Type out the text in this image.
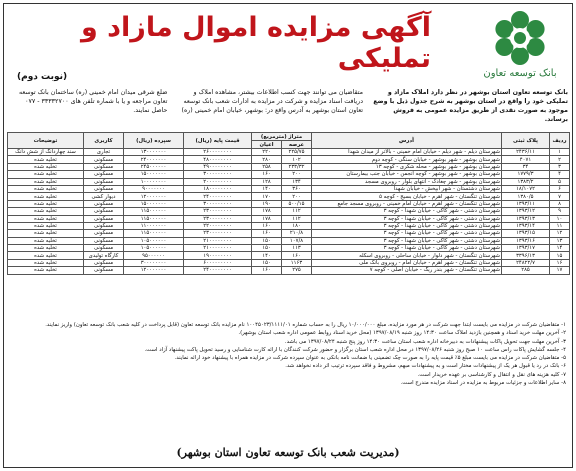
بانک توسعه تعاون
آگهی مزایده اموال مازاد و تملیکی
(نوبت دوم)
بانک توسعه تعاون استان بوشهر در نظر دارد املاک مازاد و تملیکی خود را واقع در استان بوشهر به شرح جدول ذیل با وضع موجود به صورت نقدی از طریق مزایده عمومی به فروش برساند.
متقاضیان می توانند جهت کسب اطلاعات بیشتر، مشاهده املاک و دریافت اسناد مزایده و شرکت در مزایده به ادارات شعب بانک توسعه تعاون استان بوشهر به آدرس واقع در: بوشهر، خیابان امام خمینی (ره)
ضلع شرقی میدان امام خمینی (ره) ساختمان بانک توسعه تعاون مراجعه و یا با شماره تلفن های ۳۳۳۳۲۷۰۰ - ۰۷۷ حاصل نمایند.
ردیف	پلاک ثبتی	آدرس	متراژ (مترمربع)		قیمت پایه (ریال)	سپرده (ریال)	کاربری	توضیحات
			عرصه	اعیان				
۱	۲۴۳۶/۱۱	شهرستان دیلم - شهر دیلم - خیابان امام خمینی - بالاتر از میدان شهدا	۲۲۵/۷۵	۲۲۰	۲۶۰۰۰۰۰۰۰۰	۱۳۰۰۰۰۰۰۰	تجاری	سند چهاردانگ از شش دانگ
۲	۴۰۷۱	شهرستان بوشهر - شهر بوشهر - خیابان سنگی - کوچه دوم	۱۰۲	۲۸۰	۴۸۰۰۰۰۰۰۰۰	۲۴۰۰۰۰۰۰۰	مسکونی	تخلیه شده
۳	۳۴	شهرستان بوشهر - شهر بوشهر - محله شکری - کوچه ۱۳	۲۳۳/۳۲	۲۵۸	۴۹۰۰۰۰۰۰۰۰	۲۴۵۰۰۰۰۰۰	مسکونی	تخلیه شده
۴	۱۷۷۹/۳	شهرستان بوشهر - شهر بوشهر - کوچه انجمن - خیابان جنب بیمارستان	۲۰۰	۱۶۰	۳۰۰۰۰۰۰۰۰۰	۱۵۰۰۰۰۰۰۰	مسکونی	تخلیه شده
۵	۱۳۸۳/۲	شهرستان بوشهر - شهر چغادک - انتهای بلوار - روبروی مسجد	۱۳۴	۱۲۸	۲۰۰۰۰۰۰۰۰۰	۱۰۰۰۰۰۰۰۰	مسکونی	تخلیه شده
۶	۱۸/۱۰۷۲	شهرستان دشتستان - شهر آبپخش - خیابان شهدا	۳۶۰	۱۴۰	۱۸۰۰۰۰۰۰۰۰	۹۰۰۰۰۰۰۰	مسکونی	تخلیه شده
۷	۱۳۸۰/۵	شهرستان تنگستان - شهر اهرم - خیابان بسیج - کوچه ۵	۲۰۰	۱۷۰	۲۴۰۰۰۰۰۰۰۰	۱۲۰۰۰۰۰۰۰	دیوار کشی	تخلیه شده
۸	۱۳۹۳/۱۱	شهرستان تنگستان - شهر اهرم - خیابان امام خمینی - روبروی مسجد جامع	۵۰۰/۱۵	۱۹۰	۳۰۰۰۰۰۰۰۰۰	۱۵۰۰۰۰۰۰۰	مسکونی	تخلیه شده
۹	۱۳۹۳/۱۲	شهرستان دشتی - شهر کاکی - خیابان شهدا - کوچه ۳	۱۱۲	۱۷۸	۲۳۰۰۰۰۰۰۰۰	۱۱۵۰۰۰۰۰۰	مسکونی	تخلیه شده
۱۰	۱۳۹۳/۱۳	شهرستان دشتی - شهر کاکی - خیابان شهدا - کوچه ۳	۱۱۲	۱۷۸	۲۳۰۰۰۰۰۰۰۰	۱۱۵۰۰۰۰۰۰	مسکونی	تخلیه شده
۱۱	۱۳۹۳/۱۴	شهرستان دشتی - شهر کاکی - خیابان شهدا - کوچه ۳	۱۸۰	۱۶۰	۲۲۰۰۰۰۰۰۰۰	۱۱۰۰۰۰۰۰۰	مسکونی	تخلیه شده
۱۲	۱۳۹۳/۱۵	شهرستان دشتی - شهر کاکی - خیابان شهدا - کوچه ۳	۲۱۰/۸	۱۶۰	۲۳۰۰۰۰۰۰۰۰	۱۱۵۰۰۰۰۰۰	مسکونی	تخلیه شده
۱۳	۱۳۹۳/۱۶	شهرستان دشتی - شهر کاکی - خیابان شهدا - کوچه ۳	۱۰۷/۸	۱۵۰	۲۱۰۰۰۰۰۰۰۰	۱۰۵۰۰۰۰۰۰	مسکونی	تخلیه شده
۱۴	۱۳۹۳/۱۷	شهرستان دشتی - شهر کاکی - خیابان شهدا - کوچه ۳	۱۱۳	۱۵۰	۲۱۰۰۰۰۰۰۰۰	۱۰۵۰۰۰۰۰۰	مسکونی	تخلیه شده
۱۵	۳۳۹۶/۱۳	شهرستان تنگستان - شهر دلوار - خیابان ساحلی - روبروی اسکله	۱۶۰	۱۴۰	۱۹۰۰۰۰۰۰۰۰	۹۵۰۰۰۰۰۰	کارگاه تولیدی	تخلیه شده
۱۶	۲۴۸۲۲/۷	شهرستان تنگستان - شهر اهرم - خیابان امام - روبروی بانک ملی	۱۱۶۳	۱۵۰	۶۰۰۰۰۰۰۰۰۰	۳۰۰۰۰۰۰۰۰	مسکونی	تخلیه شده
۱۷	۲۸۵	شهرستان تنگستان - شهر بندر ریگ - خیابان اصلی - کوچه ۷	۲۷۵	۱۶۰	۲۴۰۰۰۰۰۰۰۰	۱۲۰۰۰۰۰۰۰	مسکونی	تخلیه شده

۱- متقاضیان شرکت در مزایده می بایست ابتدا جهت شرکت در هر مورد مزایده، مبلغ ۱۰/۰۰۰/۰۰۰ ریال را به حساب شماره ۱۰۰۴۵۰۲۳/۱۱۱۱/۰۱ نام مزایده بانک توسعه تعاون (قابل پرداخت در کلیه شعب بانک توسعه تعاون) واریز نمایند.

۲- آخرین مهلت خرید اسناد و همچنین بازدید املاک ساعت ۱۴:۳۰ روز شنبه ۱۳۹۷/۰۸/۱۹ (محل خرید اسناد روابط عمومی اداره شعب استان بوشهر).

۳- آخرین مهلت جهت تحویل پاکات پیشنهادات به دبیرخانه اداره شعب استان ساعت ۱۴:۳۰ روز پنج شنبه ۱۳۹۷/۰۸/۲۴ می باشد.

۴- جلسه گشایش پاکات راس ساعت ۱۰ صبح روز شنبه ۱۳۹۷/۰۸/۲۶ در محل اداره شعب استان برگزار و حضور شرکت کنندگان با ارائه کارت شناسایی و رسید تحویل پاکت پیشنهاد آزاد است.

۵- متقاضیان شرکت در مزایده می بایست مبلغ ۵٪ قیمت پایه را به صورت چک تضمینی یا ضمانت نامه بانکی به عنوان سپرده شرکت در مزایده همراه با پیشنهاد خود ارائه نمایند.

۶- بانک در رد یا قبول هر یک از پیشنهادات مختار است و به پیشنهادات مبهم، مشروط و فاقد سپرده ترتیب اثر داده نخواهد شد.

۷- کلیه هزینه های نقل و انتقال و کارشناسی بر عهده خریدار است.

۸- سایر اطلاعات و جزئیات مربوط به مزایده در اسناد مزایده مندرج است.

(مدیریت شعب بانک توسعه تعاون استان بوشهر)
